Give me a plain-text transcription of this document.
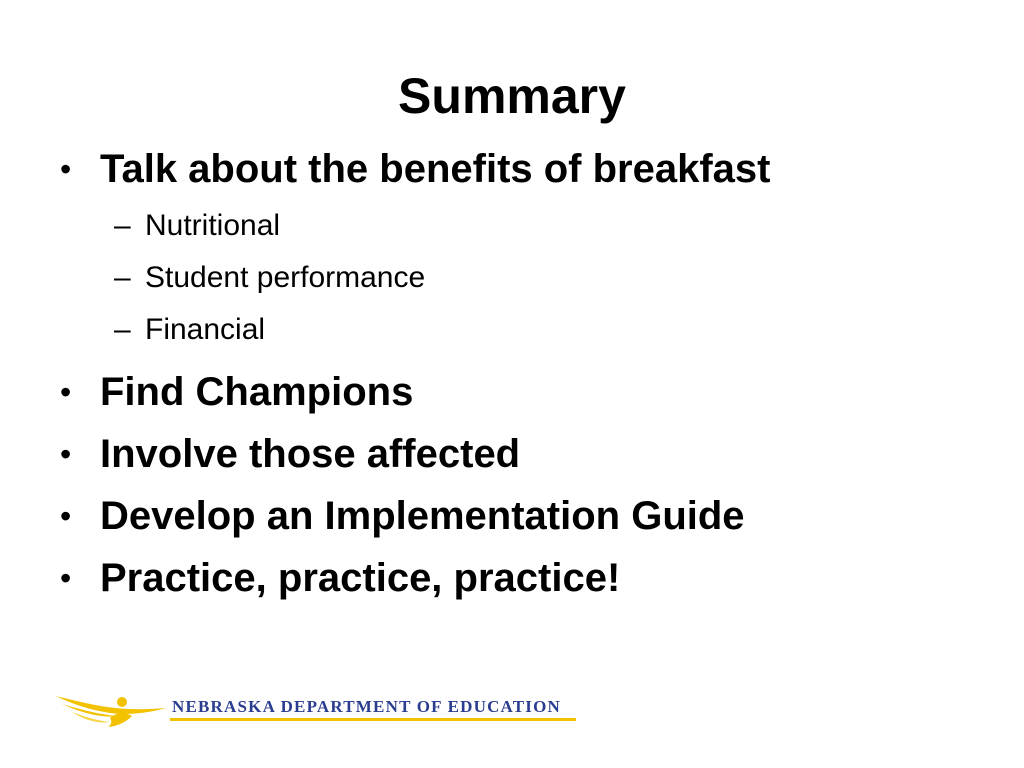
Summary
• Talk about the benefits of breakfast
– Nutritional
– Student performance
– Financial
• Find Champions
• Involve those affected
• Develop an Implementation Guide
• Practice, practice, practice!
NEBRASKA DEPARTMENT OF EDUCATION
